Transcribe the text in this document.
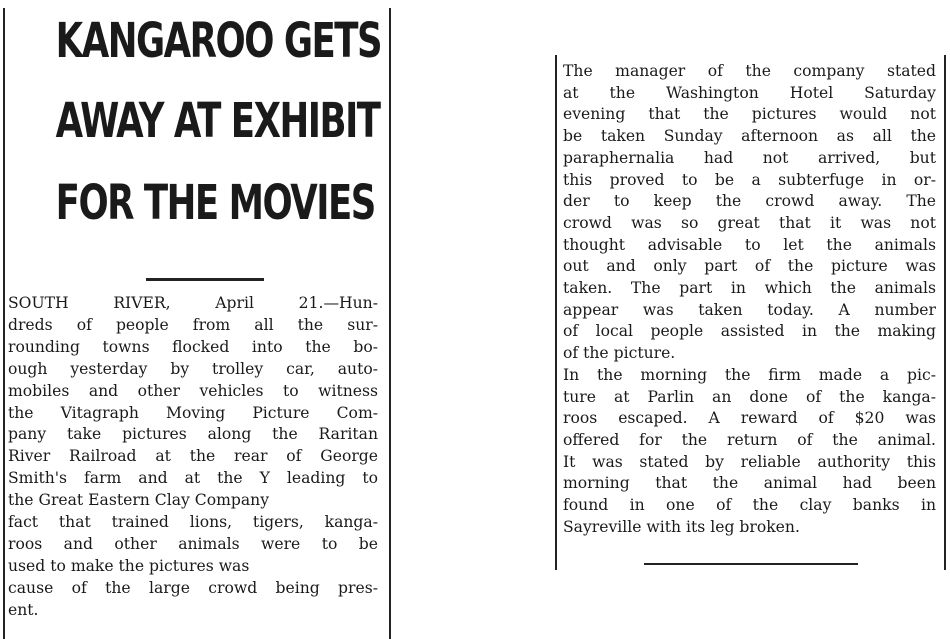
KANGAROO GETS
AWAY AT EXHIBIT
FOR THE MOVIES
SOUTH RIVER, April 21.—Hun-
dreds of people from all the sur-
rounding towns flocked into the bo-
ough yesterday by trolley car, auto-
mobiles and other vehicles to witness
the Vitagraph Moving Picture Com-
pany take pictures along the Raritan
River Railroad at the rear of George
Smith's farm and at the Y leading to
the Great Eastern Clay Company
fact that trained lions, tigers, kanga-
roos and other animals were to be
used to make the pictures was
cause of the large crowd being pres-
ent.
The manager of the company stated
at the Washington Hotel Saturday
evening that the pictures would not
be taken Sunday afternoon as all the
paraphernalia had not arrived, but
this proved to be a subterfuge in or-
der to keep the crowd away. The
crowd was so great that it was not
thought advisable to let the animals
out and only part of the picture was
taken. The part in which the animals
appear was taken today. A number
of local people assisted in the making
of the picture.
In the morning the firm made a pic-
ture at Parlin an done of the kanga-
roos escaped. A reward of $20 was
offered for the return of the animal.
It was stated by reliable authority this
morning that the animal had been
found in one of the clay banks in
Sayreville with its leg broken.
